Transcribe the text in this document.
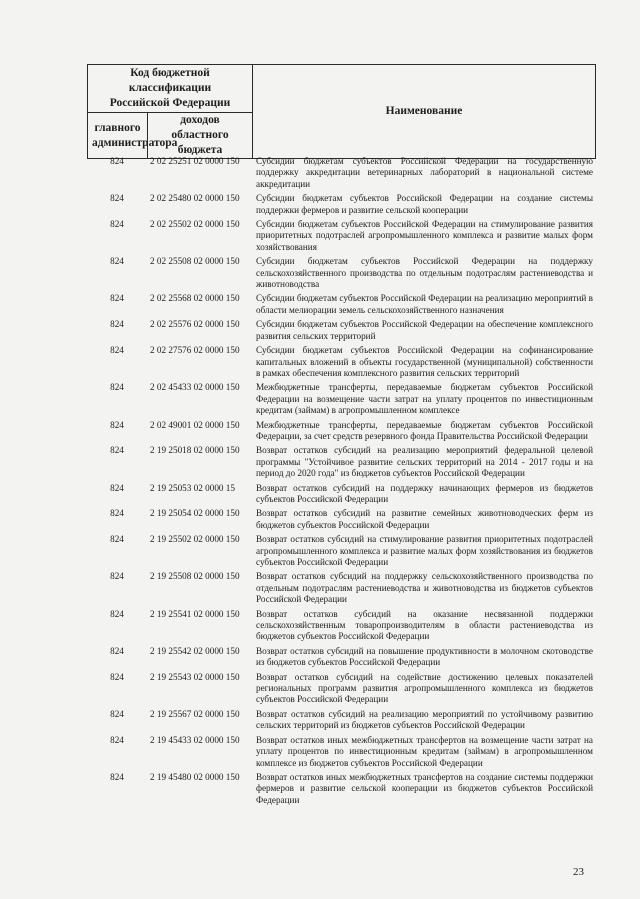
Код бюджетной классификации Российской Федерации		Наименование
главного администратора	доходов областного бюджета	
824	2 02 25251 02 0000 150	Субсидии бюджетам субъектов Российской Федерации на государственную поддержку аккредитации ветеринарных лабораторий в национальной системе аккредитации
824	2 02 25480 02 0000 150	Субсидии бюджетам субъектов Российской Федерации на создание системы поддержки фермеров и развитие сельской кооперации
824	2 02 25502 02 0000 150	Субсидии бюджетам субъектов Российской Федерации на стимулирование развития приоритетных подотраслей агропромышленного комплекса и развитие малых форм хозяйствования
824	2 02 25508 02 0000 150	Субсидии бюджетам субъектов Российской Федерации на поддержку сельскохозяйственного производства по отдельным подотраслям растениеводства и животноводства
824	2 02 25568 02 0000 150	Субсидии бюджетам субъектов Российской Федерации на реализацию мероприятий в области мелиорации земель сельскохозяйственного назначения
824	2 02 25576 02 0000 150	Субсидии бюджетам субъектов Российской Федерации на обеспечение комплексного развития сельских территорий
824	2 02 27576 02 0000 150	Субсидии бюджетам субъектов Российской Федерации на софинансирование капитальных вложений в объекты государственной (муниципальной) собственности в рамках обеспечения комплексного развития сельских территорий
824	2 02 45433 02 0000 150	Межбюджетные трансферты, передаваемые бюджетам субъектов Российской Федерации на возмещение части затрат на уплату процентов по инвестиционным кредитам (займам) в агропромышленном комплексе
824	2 02 49001 02 0000 150	Межбюджетные трансферты, передаваемые бюджетам субъектов Российской Федерации, за счет средств резервного фонда Правительства Российской Федерации
824	2 19 25018 02 0000 150	Возврат остатков субсидий на реализацию мероприятий федеральной целевой программы "Устойчивое развитие сельских территорий на 2014 - 2017 годы и на период до 2020 года" из бюджетов субъектов Российской Федерации
824	2 19 25053 02 0000 15	Возврат остатков субсидий на поддержку начинающих фермеров из бюджетов субъектов Российской Федерации
824	2 19 25054 02 0000 150	Возврат остатков субсидий на развитие семейных животноводческих ферм из бюджетов субъектов Российской Федерации
824	2 19 25502 02 0000 150	Возврат остатков субсидий на стимулирование развития приоритетных подотраслей агропромышленного комплекса и развитие малых форм хозяйствования из бюджетов субъектов Российской Федерации
824	2 19 25508 02 0000 150	Возврат остатков субсидий на поддержку сельскохозяйственного производства по отдельным подотраслям растениеводства и животноводства из бюджетов субъектов Российской Федерации
824	2 19 25541 02 0000 150	Возврат остатков субсидий на оказание несвязанной поддержки сельскохозяйственным товаропроизводителям в области растениеводства из бюджетов субъектов Российской Федерации
824	2 19 25542 02 0000 150	Возврат остатков субсидий на повышение продуктивности в молочном скотоводстве из бюджетов субъектов Российской Федерации
824	2 19 25543 02 0000 150	Возврат остатков субсидий на содействие достижению целевых показателей региональных программ развития агропромышленного комплекса из бюджетов субъектов Российской Федерации
824	2 19 25567 02 0000 150	Возврат остатков субсидий на реализацию мероприятий по устойчивому развитию сельских территорий из бюджетов субъектов Российской Федерации
824	2 19 45433 02 0000 150	Возврат остатков иных межбюджетных трансфертов на возмещение части затрат на уплату процентов по инвестиционным кредитам (займам) в агропромышленном комплексе из бюджетов субъектов Российской Федерации
824	2 19 45480 02 0000 150	Возврат остатков иных межбюджетных трансфертов на создание системы поддержки фермеров и развитие сельской кооперации из бюджетов субъектов Российской Федерации
23
